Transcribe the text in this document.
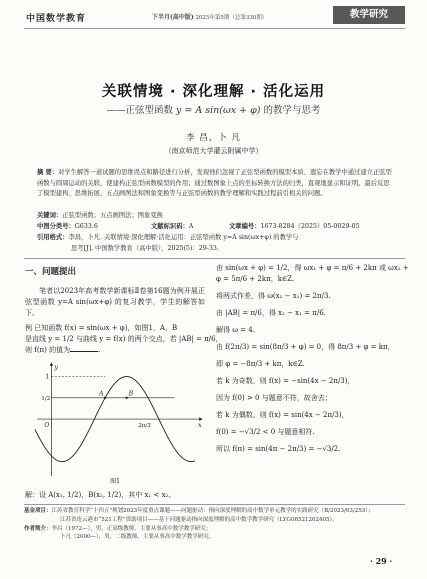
中国数学教育	下半月(高中版) 2025年第5期（总第330期）	教学研究
关联情境 · 深化理解 · 活化运用
——正弦型函数 y = A sin(ωx + φ) 的教学与思考
李 昌，卜 凡
（南京师范大学灌云附属中学）
摘 要：对学生解答一道试题的思维误点和路径进行分析，发现他们忽视了正弦型函数的模型本质、遗忘在教学中通过建立正弦型函数与圆周运动的关联，使建构正弦型函数模型的作用；通过数图象上点的坐标转换方法的归类，直观地显示和证明。最后反思了模型建构、思维拓展，五点画图法和图象变换等与正弦型函数的教学理解和实践过程前引相关的问题。
关键词：正弦型函数；五点画图法；图象变换
中图分类号：G633.6	文献标识码：A	文章编号：1673-8284（2025）05-0029-05
引用格式：李昌，卜凡. 关联情境·深化理解·活化运用：正弦型函数 y=A sin(ωx+φ) 的教学与
思考[J]. 中国数学教育（高中版），2025(5)：29-33.
一、问题提出
笔者以2023年高考数学新课标Ⅱ卷第16题为例开展正弦型函数 y=A sin(ωx+φ) 的复习教学，学生的解答如下。
例 已知函数 f(x) = sin(ωx + φ)，如图1，A，B
是直线 y = 1/2 与曲线 y = f(x) 的两个交点，若 |AB| = π/6，
则 f(π) 的值为	.
A	B
y
x
O
1
1/2
2π/3
图1
解：设 A(x₁, 1/2)，B(x₂, 1/2)，其中 x₁ < x₂。
由 sin(ωx + φ) = 1/2，得 ωx₁ + φ = π/6 + 2kπ 或 ωx₂ +
φ = 5π/6 + 2kπ，k∈Z.
将两式作差，得 ω(x₂ − x₁) = 2π/3.
由 |AB| = π/6，得 x₂ − x₁ = π/6.
解得 ω = 4.
由 f(2π/3) = sin(8π/3 + φ) = 0，得 8π/3 + φ = kπ，
即 φ = −8π/3 + kπ，k∈Z.
若 k 为奇数，则 f(x) = −sin(4x − 2π/3)，
因为 f(0) > 0 与题意不符，故舍去；
若 k 为偶数，则 f(x) = sin(4x − 2π/3)，
f(0) = −√3/2 < 0 与题意相符.
所以 f(π) = sin(4π − 2π/3) = −√3/2.
基金项目：江苏省教育科学“十四五”规划2023年度重点课题——问题驱动：指向深度理解的高中数学单元教学的实践研究（B/2023/03/253）；
江苏省连云港市“521工程”资助项目——基于问题驱动指向深度理解的高中数学教学研究（LYG06521202405）。
作者简介：李昌（1972—），男，正高级教师，主要从事高中数学教学研究；
卜凡（2000—），男，二级教师，主要从事高中数学教学研究。
· 29 ·
